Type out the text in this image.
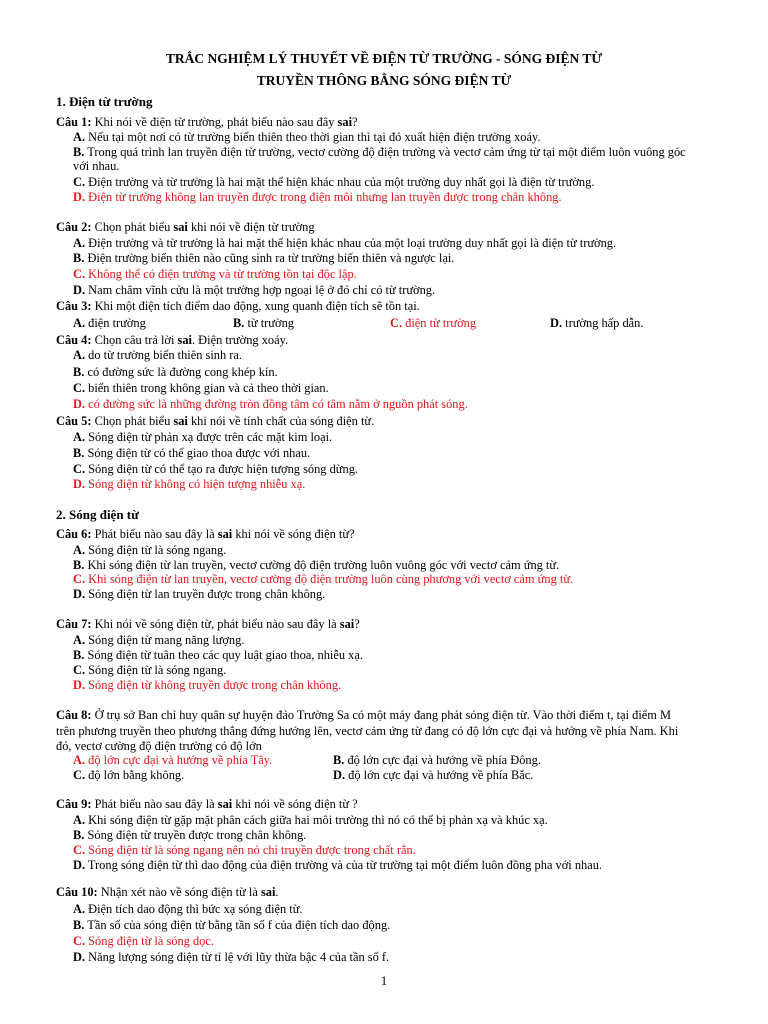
TRẮC NGHIỆM LÝ THUYẾT VỀ ĐIỆN TỪ TRƯỜNG - SÓNG ĐIỆN TỪ
TRUYỀN THÔNG BẰNG SÓNG ĐIỆN TỪ
1. Điện từ trường
Câu 1: Khi nói về điện từ trường, phát biểu nào sau đây sai?
A. Nếu tại một nơi có từ trường biến thiên theo thời gian thì tại đó xuất hiện điện trường xoáy.
B. Trong quá trình lan truyền điện từ trường, vectơ cường độ điện trường và vectơ cảm ứng từ tại một điểm luôn vuông góc
với nhau.
C. Điện trường và từ trường là hai mặt thể hiện khác nhau của một trường duy nhất gọi là điện từ trường.
D. Điện từ trường không lan truyền được trong điện môi nhưng lan truyền được trong chân không.
Câu 2: Chọn phát biểu sai khi nói về điện từ trường
A. Điện trường và từ trường là hai mặt thể hiện khác nhau của một loại trường duy nhất gọi là điện từ trường.
B. Điện trường biến thiên nào cũng sinh ra từ trường biến thiên và ngược lại.
C. Không thể có điện trường và từ trường tồn tại độc lập.
D. Nam châm vĩnh cửu là một trường hợp ngoại lệ ở đó chỉ có từ trường.
Câu 3: Khi một điện tích điểm dao động, xung quanh điện tích sẽ tồn tại.
A. điện trường	B. từ trường	C. điện từ trường	D. trường hấp dẫn.
Câu 4: Chọn câu trả lời sai. Điện trường xoáy.
A. do từ trường biến thiên sinh ra.
B. có đường sức là đường cong khép kín.
C. biến thiên trong không gian và cả theo thời gian.
D. có đường sức là những đường tròn đồng tâm có tâm nằm ở nguồn phát sóng.
Câu 5: Chọn phát biểu sai khi nói về tính chất của sóng điện từ.
A. Sóng điện từ phản xạ được trên các mặt kim loại.
B. Sóng điện từ có thể giao thoa được với nhau.
C. Sóng điện từ có thể tạo ra được hiện tượng sóng dừng.
D. Sóng điện từ không có hiện tượng nhiễu xạ.
2. Sóng điện từ
Câu 6: Phát biểu nào sau đây là sai khi nói về sóng điện từ?
A. Sóng điện từ là sóng ngang.
B. Khi sóng điện từ lan truyền, vectơ cường độ điện trường luôn vuông góc với vectơ cảm ứng từ.
C. Khi sóng điện từ lan truyền, vectơ cường độ điện trường luôn cùng phương với vectơ cảm ứng từ.
D. Sóng điện từ lan truyền được trong chân không.
Câu 7: Khi nói về sóng điện từ, phát biểu nào sau đây là sai?
A. Sóng điện từ mang năng lượng.
B. Sóng điện từ tuân theo các quy luật giao thoa, nhiễu xạ.
C. Sóng điện từ là sóng ngang.
D. Sóng điện từ không truyền được trong chân không.
Câu 8: Ở trụ sở Ban chỉ huy quân sự huyện đảo Trường Sa có một máy đang phát sóng điện từ. Vào thời điểm t, tại điểm M
trên phương truyền theo phương thẳng đứng hướng lên, vectơ cảm ứng từ đang có độ lớn cực đại và hướng về phía Nam. Khi
đó, vectơ cường độ điện trường có độ lớn
A. độ lớn cực đại và hướng về phía Tây.	B. độ lớn cực đại và hướng về phía Đông.
C. độ lớn bằng không.	D. độ lớn cực đại và hướng về phía Bắc.
Câu 9: Phát biểu nào sau đây là sai khi nói về sóng điện từ ?
A. Khi sóng điện từ gặp mặt phân cách giữa hai môi trường thì nó có thể bị phản xạ và khúc xạ.
B. Sóng điện từ truyền được trong chân không.
C. Sóng điện từ là sóng ngang nên nó chỉ truyền được trong chất rắn.
D. Trong sóng điện từ thì dao động của điện trường và của từ trường tại một điểm luôn đồng pha với nhau.
Câu 10: Nhận xét nào về sóng điện từ là sai.
A. Điện tích dao động thì bức xạ sóng điện từ.
B. Tần số của sóng điện từ bằng tần số f của điện tích dao động.
C. Sóng điện từ là sóng dọc.
D. Năng lượng sóng điện từ tỉ lệ với lũy thừa bậc 4 của tần số f.
1
